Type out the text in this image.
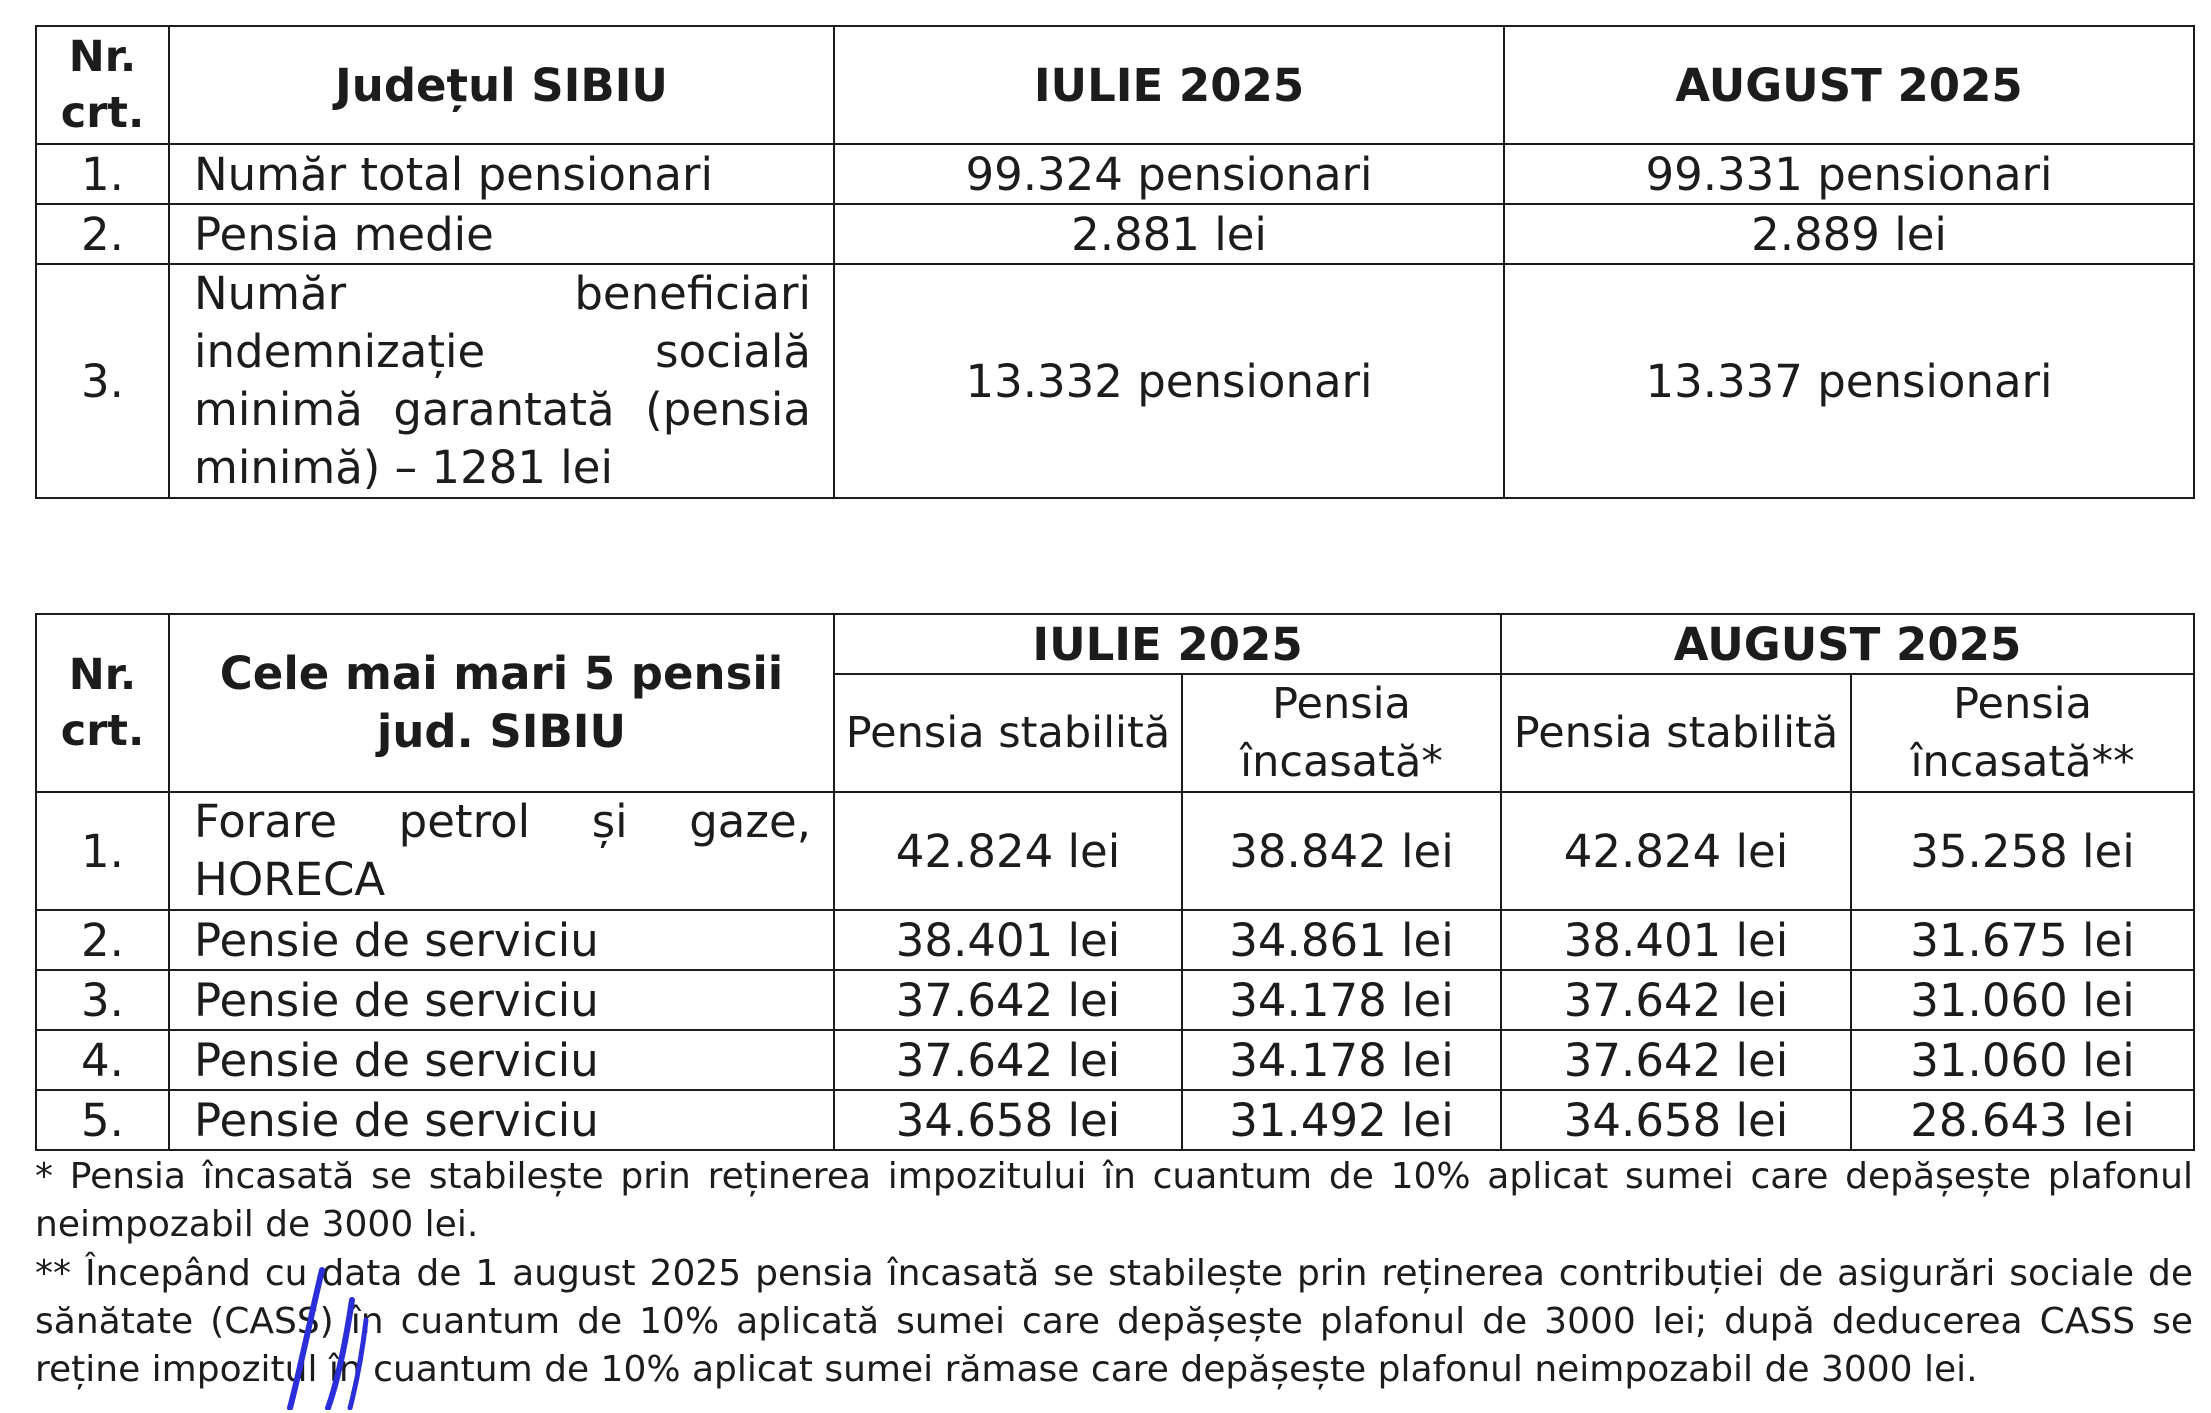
Nr. crt.	Județul SIBIU	IULIE 2025	AUGUST 2025
1.	Număr total pensionari	99.324 pensionari	99.331 pensionari
2.	Pensia medie	2.881 lei	2.889 lei
3.	Număr beneficiari indemnizație socială minimă garantată (pensia minimă) – 1281 lei	13.332 pensionari	13.337 pensionari
Nr. crt.	Cele mai mari 5 pensii jud. SIBIU	IULIE 2025		AUGUST 2025	
		Pensia stabilită	Pensia încasată*	Pensia stabilită	Pensia încasată**
1.	Forare petrol și gaze, HORECA	42.824 lei	38.842 lei	42.824 lei	35.258 lei
2.	Pensie de serviciu	38.401 lei	34.861 lei	38.401 lei	31.675 lei
3.	Pensie de serviciu	37.642 lei	34.178 lei	37.642 lei	31.060 lei
4.	Pensie de serviciu	37.642 lei	34.178 lei	37.642 lei	31.060 lei
5.	Pensie de serviciu	34.658 lei	31.492 lei	34.658 lei	28.643 lei
* Pensia încasată se stabilește prin reținerea impozitului în cuantum de 10% aplicat sumei care depășește plafonul neimpozabil de 3000 lei.
** Începând cu data de 1 august 2025 pensia încasată se stabilește prin reținerea contribuției de asigurări sociale de sănătate (CASS) în cuantum de 10% aplicată sumei care depășește plafonul de 3000 lei; după deducerea CASS se reține impozitul în cuantum de 10% aplicat sumei rămase care depășește plafonul neimpozabil de 3000 lei.
